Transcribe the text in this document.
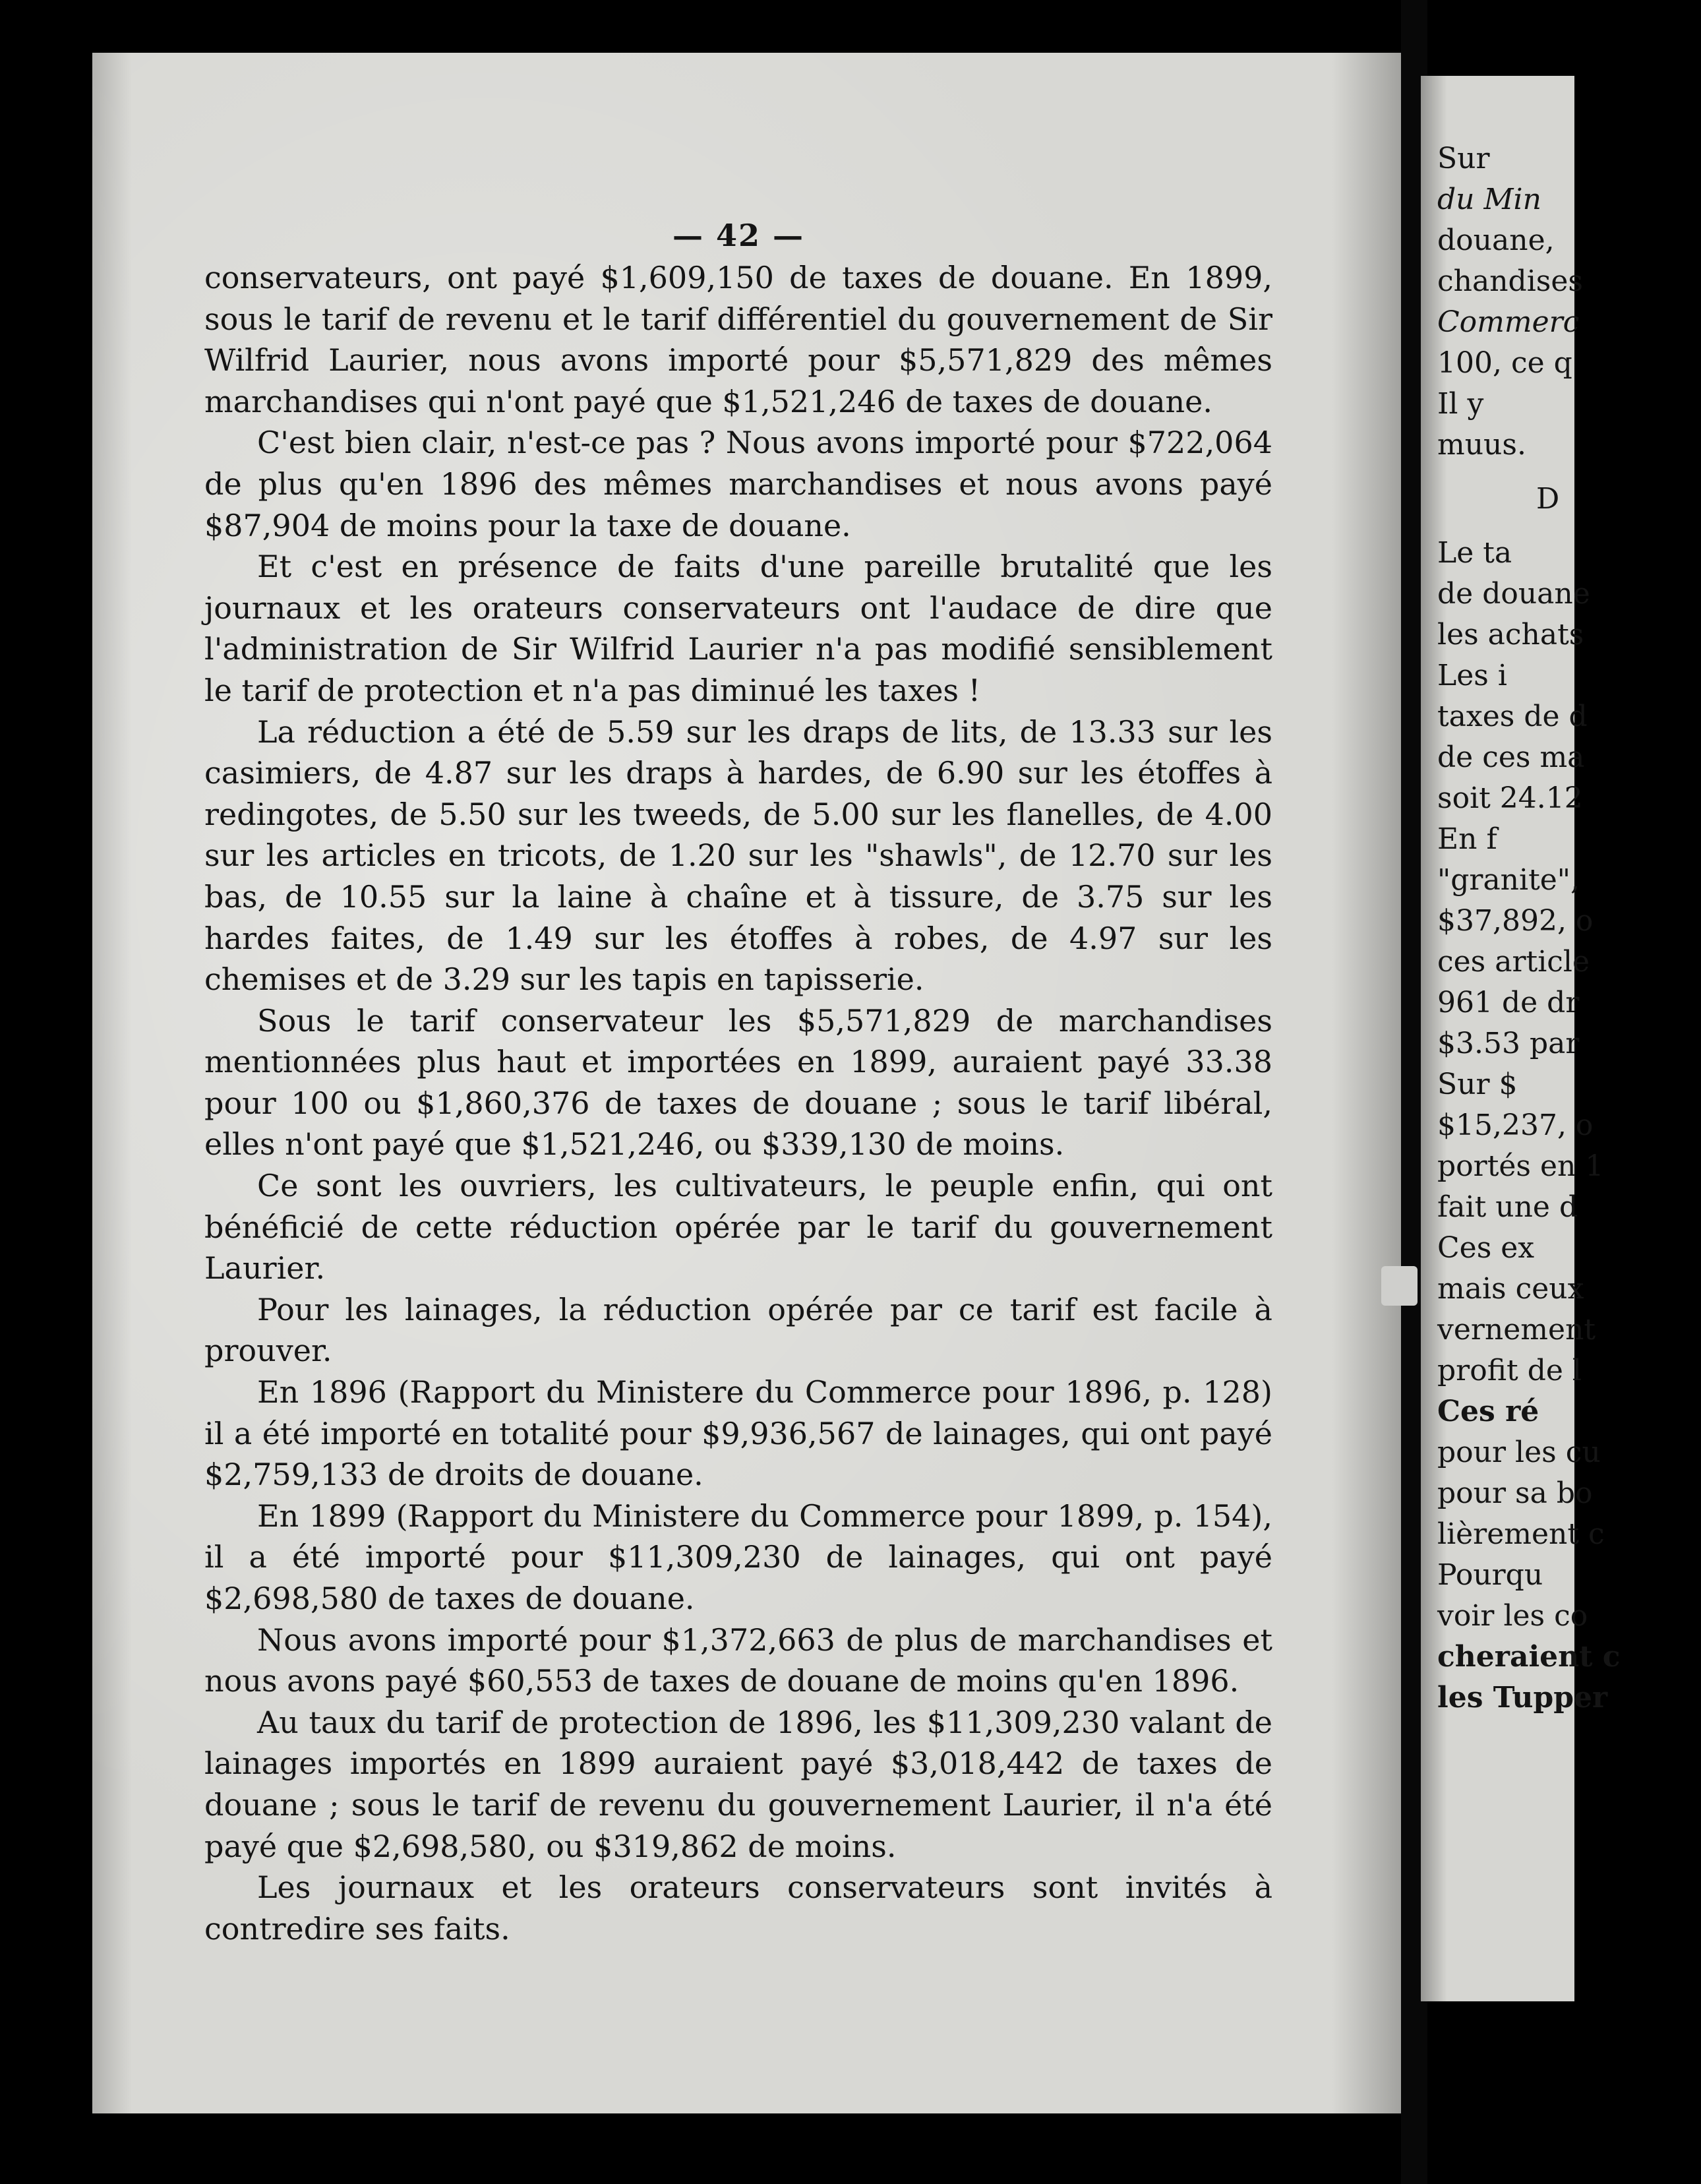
— 42 —

conservateurs, ont payé $1,609,150 de taxes de douane. En 1899, sous le tarif de revenu et le tarif différentiel du gouvernement de Sir Wilfrid Laurier, nous avons importé pour $5,571,829 des mêmes marchandises qui n'ont payé que $1,521,246 de taxes de douane.

C'est bien clair, n'est-ce pas ? Nous avons importé pour $722,064 de plus qu'en 1896 des mêmes marchandises et nous avons payé $87,904 de moins pour la taxe de douane.

Et c'est en présence de faits d'une pareille brutalité que les journaux et les orateurs conservateurs ont l'audace de dire que l'administration de Sir Wilfrid Laurier n'a pas modifié sensiblement le tarif de protection et n'a pas diminué les taxes !

La réduction a été de 5.59 sur les draps de lits, de 13.33 sur les casimiers, de 4.87 sur les draps à hardes, de 6.90 sur les étoffes à redingotes, de 5.50 sur les tweeds, de 5.00 sur les flanelles, de 4.00 sur les articles en tricots, de 1.20 sur les "shawls", de 12.70 sur les bas, de 10.55 sur la laine à chaîne et à tissure, de 3.75 sur les hardes faites, de 1.49 sur les étoffes à robes, de 4.97 sur les chemises et de 3.29 sur les tapis en tapisserie.

Sous le tarif conservateur les $5,571,829 de marchandises mentionnées plus haut et importées en 1899, auraient payé 33.38 pour 100 ou $1,860,376 de taxes de douane ; sous le tarif libéral, elles n'ont payé que $1,521,246, ou $339,130 de moins.

Ce sont les ouvriers, les cultivateurs, le peuple enfin, qui ont bénéficié de cette réduction opérée par le tarif du gouvernement Laurier.

Pour les lainages, la réduction opérée par ce tarif est facile à prouver.

En 1896 (Rapport du Ministere du Commerce pour 1896, p. 128) il a été importé en totalité pour $9,936,567 de lainages, qui ont payé $2,759,133 de droits de douane.

En 1899 (Rapport du Ministere du Commerce pour 1899, p. 154), il a été importé pour $11,309,230 de lainages, qui ont payé $2,698,580 de taxes de douane.

Nous avons importé pour $1,372,663 de plus de marchandises et nous avons payé $60,553 de taxes de douane de moins qu'en 1896.

Au taux du tarif de protection de 1896, les $11,309,230 valant de lainages importés en 1899 auraient payé $3,018,442 de taxes de douane ; sous le tarif de revenu du gouvernement Laurier, il n'a été payé que $2,698,580, ou $319,862 de moins.

Les journaux et les orateurs conservateurs sont invités à contredire ses faits.

Sur
du Min
douane,
chandises
Commerc
100, ce q
Il y
muus.
D
Le ta
de douane
les achats
Les i
taxes de d
de ces ma
soit 24.12
En f
"granite",
$37,892, o
ces article
961 de dr
$3.53 par
Sur $
$15,237, o
portés en 1
fait une d
Ces ex
mais ceux
vernement
profit de l
Ces ré
pour les cu
pour sa bo
lièrement c
Pourqu
voir les co
cheraient c
les Tupper
